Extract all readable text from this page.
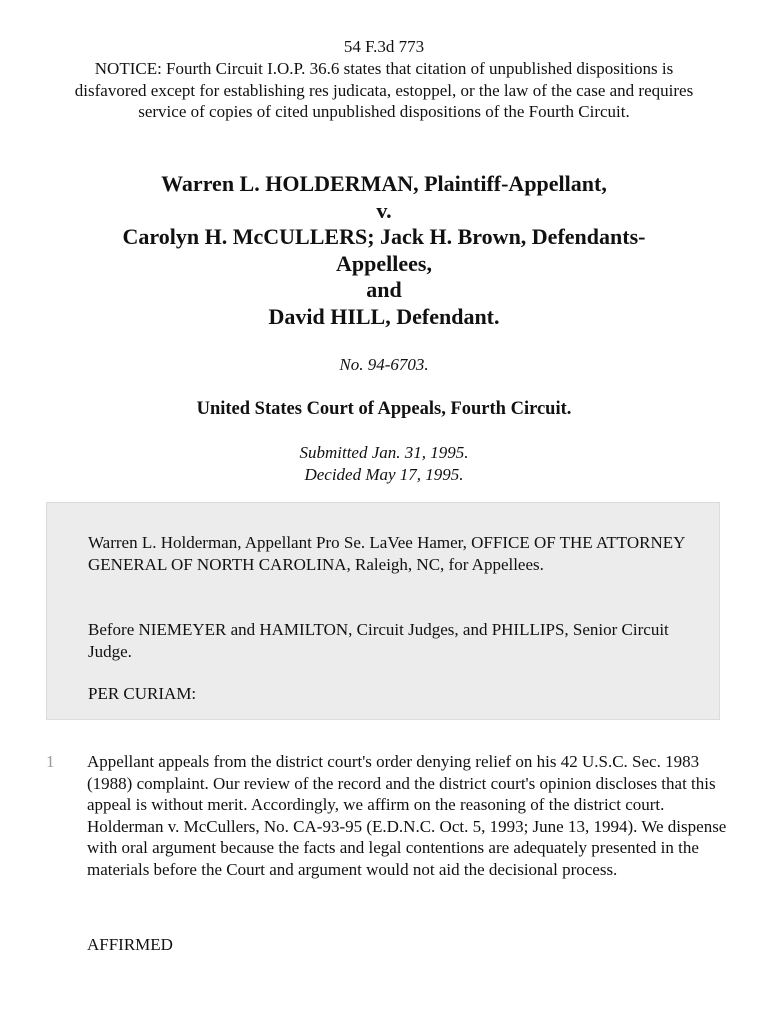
54 F.3d 773
NOTICE: Fourth Circuit I.O.P. 36.6 states that citation of unpublished dispositions is disfavored except for establishing res judicata, estoppel, or the law of the case and requires service of copies of cited unpublished dispositions of the Fourth Circuit.
Warren L. HOLDERMAN, Plaintiff-Appellant,
v.
Carolyn H. McCULLERS; Jack H. Brown, Defendants-
Appellees,
and
David HILL, Defendant.
No. 94-6703.
United States Court of Appeals, Fourth Circuit.
Submitted Jan. 31, 1995.
Decided May 17, 1995.

Warren L. Holderman, Appellant Pro Se. LaVee Hamer, OFFICE OF THE ATTORNEY GENERAL OF NORTH CAROLINA, Raleigh, NC, for Appellees.

Before NIEMEYER and HAMILTON, Circuit Judges, and PHILLIPS, Senior Circuit Judge.

PER CURIAM:

1 Appellant appeals from the district court's order denying relief on his 42 U.S.C. Sec. 1983 (1988) complaint. Our review of the record and the district court's opinion discloses that this appeal is without merit. Accordingly, we affirm on the reasoning of the district court. Holderman v. McCullers, No. CA-93-95 (E.D.N.C. Oct. 5, 1993; June 13, 1994). We dispense with oral argument because the facts and legal contentions are adequately presented in the materials before the Court and argument would not aid the decisional process.

AFFIRMED
